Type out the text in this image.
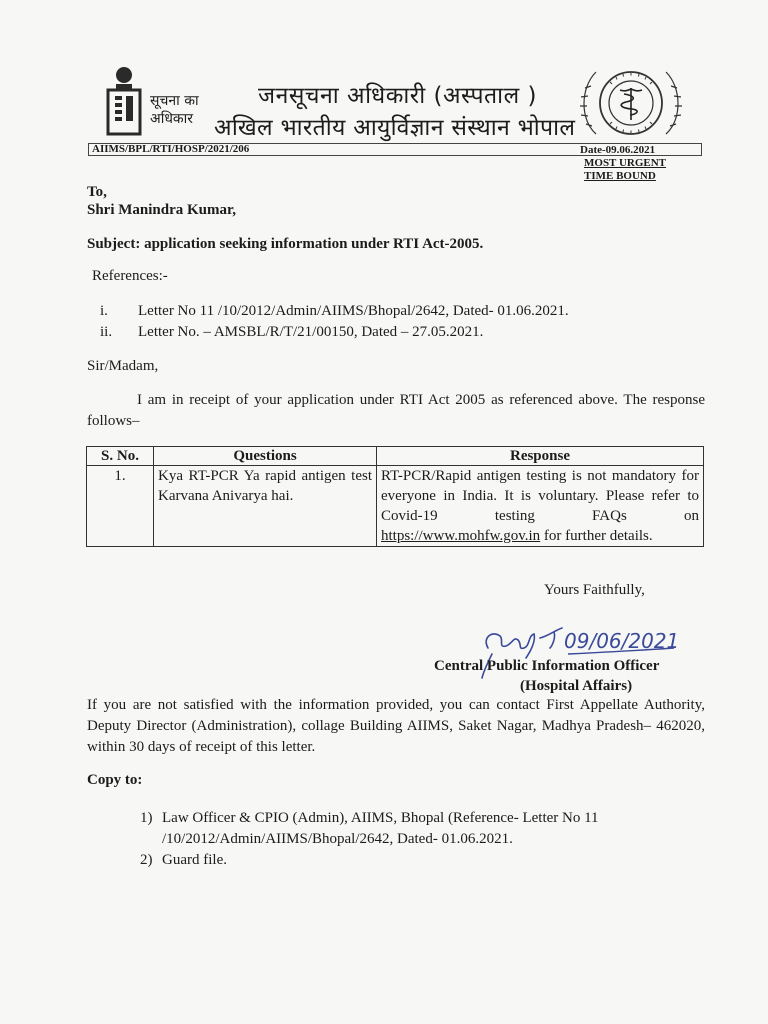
सूचना का
अधिकार
जनसूचना अधिकारी (अस्पताल )
अखिल भारतीय आयुर्विज्ञान संस्थान भोपाल
AIIMS/BPL/RTI/HOSP/2021/206	Date-09.06.2021
MOST URGENT
TIME BOUND
To,
Shri Manindra Kumar,
Subject: application seeking information under RTI Act-2005.
References:-
i. Letter No 11 /10/2012/Admin/AIIMS/Bhopal/2642, Dated- 01.06.2021.
ii. Letter No. – AMSBL/R/T/21/00150, Dated – 27.05.2021.
Sir/Madam,
I am in receipt of your application under RTI Act 2005 as referenced above. The response follows–
S. No.	Questions	Response
1.	Kya RT-PCR Ya rapid antigen test Karvana Anivarya hai.	RT-PCR/Rapid antigen testing is not mandatory for everyone in India. It is voluntary. Please refer to Covid-19 testing FAQs on https://www.mohfw.gov.in for further details.
Yours Faithfully,
09/06/2021
Central Public Information Officer
(Hospital Affairs)
If you are not satisfied with the information provided, you can contact First Appellate Authority, Deputy Director (Administration), collage Building AIIMS, Saket Nagar, Madhya Pradesh– 462020, within 30 days of receipt of this letter.
Copy to:
1) Law Officer & CPIO (Admin), AIIMS, Bhopal (Reference- Letter No 11 /10/2012/Admin/AIIMS/Bhopal/2642, Dated- 01.06.2021.
2) Guard file.
